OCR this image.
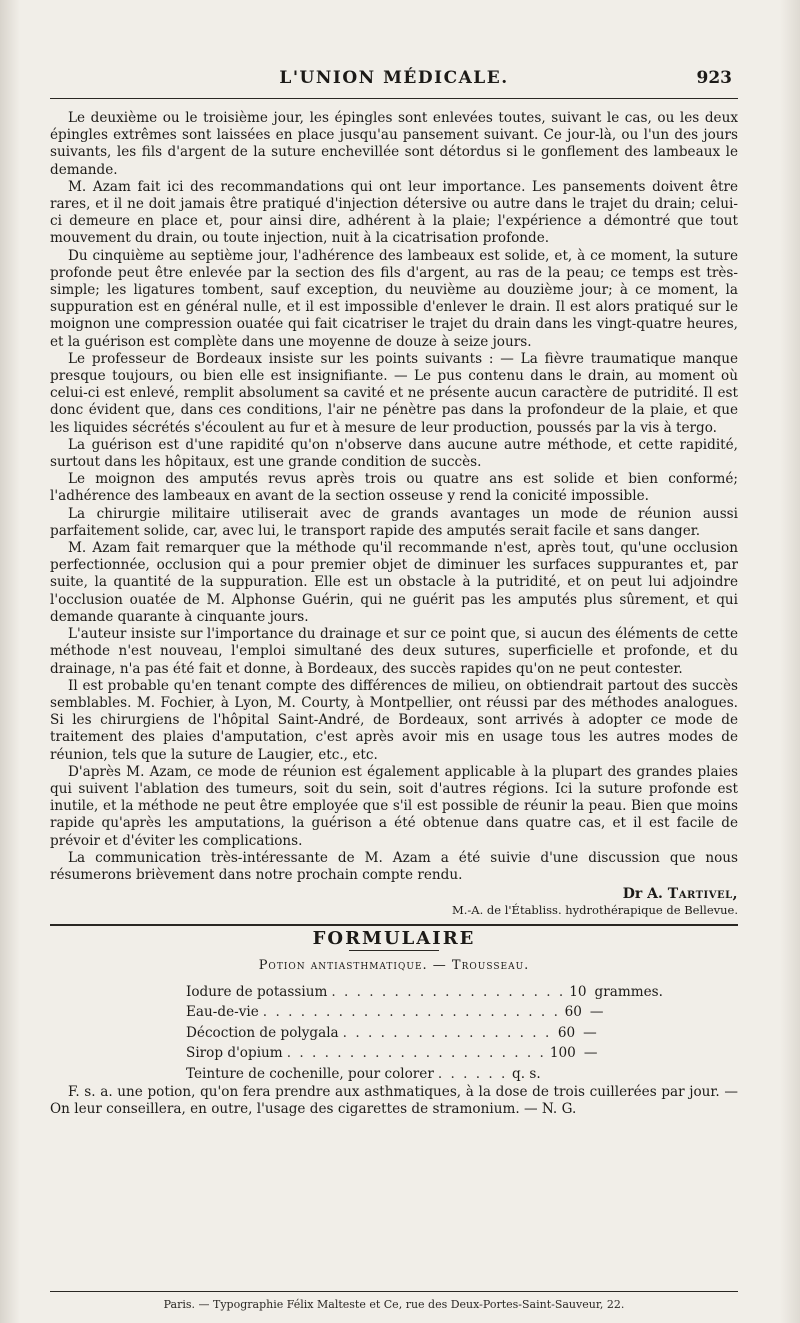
L'UNION MÉDICALE.	923

Le deuxième ou le troisième jour, les épingles sont enlevées toutes, suivant le cas, ou les deux épingles extrêmes sont laissées en place jusqu'au pansement suivant. Ce jour-là, ou l'un des jours suivants, les fils d'argent de la suture enchevillée sont détordus si le gonflement des lambeaux le demande.

M. Azam fait ici des recommandations qui ont leur importance. Les pansements doivent être rares, et il ne doit jamais être pratiqué d'injection détersive ou autre dans le trajet du drain; celui-ci demeure en place et, pour ainsi dire, adhérent à la plaie; l'expérience a démontré que tout mouvement du drain, ou toute injection, nuit à la cicatrisation profonde.

Du cinquième au septième jour, l'adhérence des lambeaux est solide, et, à ce moment, la suture profonde peut être enlevée par la section des fils d'argent, au ras de la peau; ce temps est très-simple; les ligatures tombent, sauf exception, du neuvième au douzième jour; à ce moment, la suppuration est en général nulle, et il est impossible d'enlever le drain. Il est alors pratiqué sur le moignon une compression ouatée qui fait cicatriser le trajet du drain dans les vingt-quatre heures, et la guérison est complète dans une moyenne de douze à seize jours.

Le professeur de Bordeaux insiste sur les points suivants : — La fièvre traumatique manque presque toujours, ou bien elle est insignifiante. — Le pus contenu dans le drain, au moment où celui-ci est enlevé, remplit absolument sa cavité et ne présente aucun caractère de putridité. Il est donc évident que, dans ces conditions, l'air ne pénètre pas dans la profondeur de la plaie, et que les liquides sécrétés s'écoulent au fur et à mesure de leur production, poussés par la vis à tergo.

La guérison est d'une rapidité qu'on n'observe dans aucune autre méthode, et cette rapidité, surtout dans les hôpitaux, est une grande condition de succès.

Le moignon des amputés revus après trois ou quatre ans est solide et bien conformé; l'adhérence des lambeaux en avant de la section osseuse y rend la conicité impossible.

La chirurgie militaire utiliserait avec de grands avantages un mode de réunion aussi parfaitement solide, car, avec lui, le transport rapide des amputés serait facile et sans danger.

M. Azam fait remarquer que la méthode qu'il recommande n'est, après tout, qu'une occlusion perfectionnée, occlusion qui a pour premier objet de diminuer les surfaces suppurantes et, par suite, la quantité de la suppuration. Elle est un obstacle à la putridité, et on peut lui adjoindre l'occlusion ouatée de M. Alphonse Guérin, qui ne guérit pas les amputés plus sûrement, et qui demande quarante à cinquante jours.

L'auteur insiste sur l'importance du drainage et sur ce point que, si aucun des éléments de cette méthode n'est nouveau, l'emploi simultané des deux sutures, superficielle et profonde, et du drainage, n'a pas été fait et donne, à Bordeaux, des succès rapides qu'on ne peut contester.

Il est probable qu'en tenant compte des différences de milieu, on obtiendrait partout des succès semblables. M. Fochier, à Lyon, M. Courty, à Montpellier, ont réussi par des méthodes analogues. Si les chirurgiens de l'hôpital Saint-André, de Bordeaux, sont arrivés à adopter ce mode de traitement des plaies d'amputation, c'est après avoir mis en usage tous les autres modes de réunion, tels que la suture de Laugier, etc., etc.

D'après M. Azam, ce mode de réunion est également applicable à la plupart des grandes plaies qui suivent l'ablation des tumeurs, soit du sein, soit d'autres régions. Ici la suture profonde est inutile, et la méthode ne peut être employée que s'il est possible de réunir la peau. Bien que moins rapide qu'après les amputations, la guérison a été obtenue dans quatre cas, et il est facile de prévoir et d'éviter les complications.

La communication très-intéressante de M. Azam a été suivie d'une discussion que nous résumerons brièvement dans notre prochain compte rendu.

Dr A. Tartivel,
M.-A. de l'Établiss. hydrothérapique de Bellevue.
FORMULAIRE
Potion antiasthmatique. — Trousseau.
Iodure de potassium . . . . . . . . . . . . . . . . . . . 10 grammes.
Eau-de-vie . . . . . . . . . . . . . . . . . . . . . . . . 60 —
Décoction de polygala . . . . . . . . . . . . . . . . . 60 —
Sirop d'opium . . . . . . . . . . . . . . . . . . . . . 100 —
Teinture de cochenille, pour colorer . . . . . . q. s.

F. s. a. une potion, qu'on fera prendre aux asthmatiques, à la dose de trois cuillerées par jour. — On leur conseillera, en outre, l'usage des cigarettes de stramonium. — N. G.

Paris. — Typographie Félix Malteste et Ce, rue des Deux-Portes-Saint-Sauveur, 22.
